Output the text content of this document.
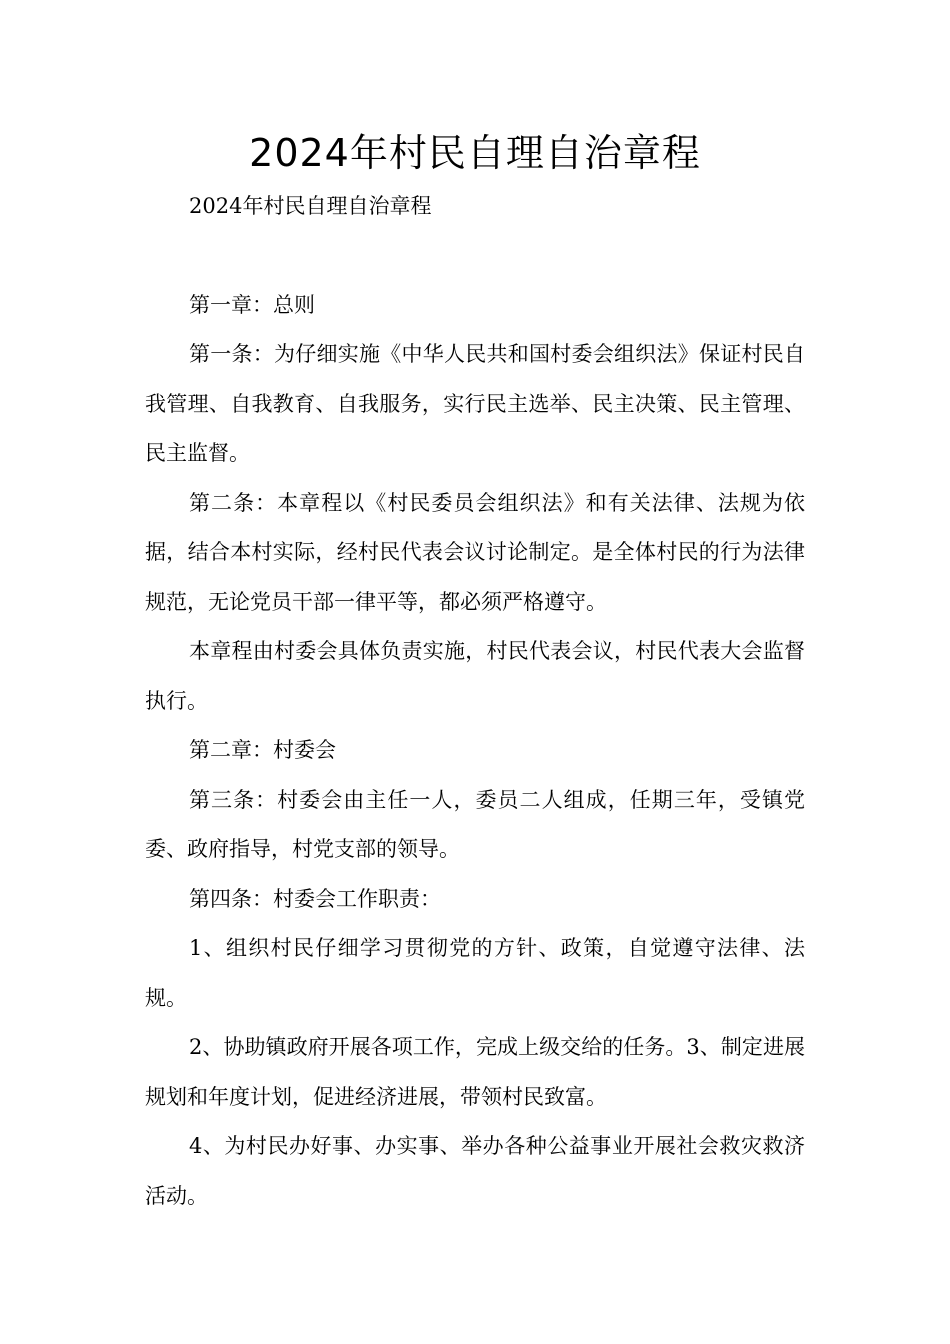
2024年村民自理自治章程

2024年村民自理自治章程

第一章：总则

第一条：为仔细实施《中华人民共和国村委会组织法》保证村民自我管理、自我教育、自我服务，实行民主选举、民主决策、民主管理、民主监督。

第二条：本章程以《村民委员会组织法》和有关法律、法规为依据，结合本村实际，经村民代表会议讨论制定。是全体村民的行为法律规范，无论党员干部一律平等，都必须严格遵守。

本章程由村委会具体负责实施，村民代表会议，村民代表大会监督执行。

第二章：村委会

第三条：村委会由主任一人，委员二人组成，任期三年，受镇党委、政府指导，村党支部的领导。

第四条：村委会工作职责：

1、组织村民仔细学习贯彻党的方针、政策，自觉遵守法律、法规。

2、协助镇政府开展各项工作，完成上级交给的任务。3、制定进展规划和年度计划，促进经济进展，带领村民致富。

4、为村民办好事、办实事、举办各种公益事业开展社会救灾救济活动。
